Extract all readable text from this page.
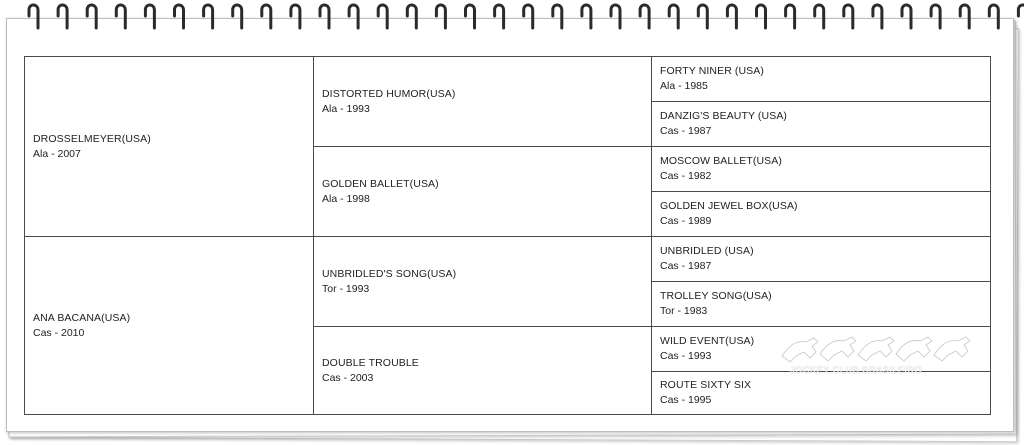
DROSSELMEYER(USA)
Ala - 2007	DISTORTED HUMOR(USA)
Ala - 1993	FORTY NINER (USA)
Ala - 1985

		DANZIG'S BEAUTY (USA)
Cas - 1987

	GOLDEN BALLET(USA)
Ala - 1998	MOSCOW BALLET(USA)
Cas - 1982

		GOLDEN JEWEL BOX(USA)
Cas - 1989

ANA BACANA(USA)
Cas - 2010	UNBRIDLED'S SONG(USA)
Tor - 1993	UNBRIDLED (USA)
Cas - 1987

		TROLLEY SONG(USA)
Tor - 1983

	DOUBLE TROUBLE
Cas - 2003	WILD EVENT(USA)
Cas - 1993

		ROUTE SIXTY SIX
Cas - 1995
JOCKEY CLUB BRASILEIRO
